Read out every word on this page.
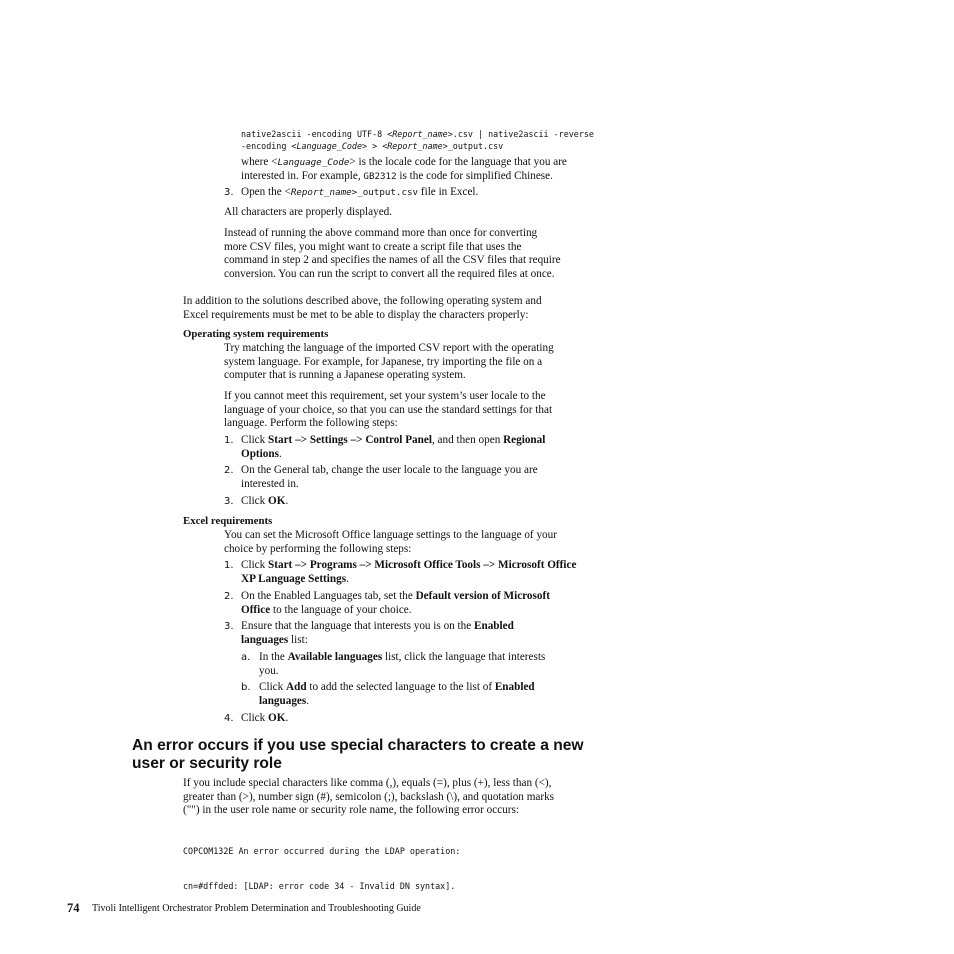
native2ascii -encoding UTF-8 <Report_name>.csv | native2ascii -reverse
-encoding <Language_Code> > <Report_name>_output.csv
where <Language_Code> is the locale code for the language that you are
interested in. For example, GB2312 is the code for simplified Chinese.
3. Open the <Report_name>_output.csv file in Excel.
All characters are properly displayed.
Instead of running the above command more than once for converting
more CSV files, you might want to create a script file that uses the
command in step 2 and specifies the names of all the CSV files that require
conversion. You can run the script to convert all the required files at once.
In addition to the solutions described above, the following operating system and
Excel requirements must be met to be able to display the characters properly:
Operating system requirements
Try matching the language of the imported CSV report with the operating
system language. For example, for Japanese, try importing the file on a
computer that is running a Japanese operating system.
If you cannot meet this requirement, set your system’s user locale to the
language of your choice, so that you can use the standard settings for that
language. Perform the following steps:
1. Click Start –> Settings –> Control Panel, and then open Regional
Options.
2. On the General tab, change the user locale to the language you are
interested in.
3. Click OK.
Excel requirements
You can set the Microsoft Office language settings to the language of your
choice by performing the following steps:
1. Click Start –> Programs –> Microsoft Office Tools –> Microsoft Office
XP Language Settings.
2. On the Enabled Languages tab, set the Default version of Microsoft
Office to the language of your choice.
3. Ensure that the language that interests you is on the Enabled
languages list:
a. In the Available languages list, click the language that interests
you.
b. Click Add to add the selected language to the list of Enabled
languages.
4. Click OK.
An error occurs if you use special characters to create a new
user or security role
If you include special characters like comma (,), equals (=), plus (+), less than (<),
greater than (>), number sign (#), semicolon (;), backslash (\), and quotation marks
("") in the user role name or security role name, the following error occurs:

COPCOM132E An error occurred during the LDAP operation:

cn=#dffded: [LDAP: error code 34 - Invalid DN syntax].

74 Tivoli Intelligent Orchestrator Problem Determination and Troubleshooting Guide
